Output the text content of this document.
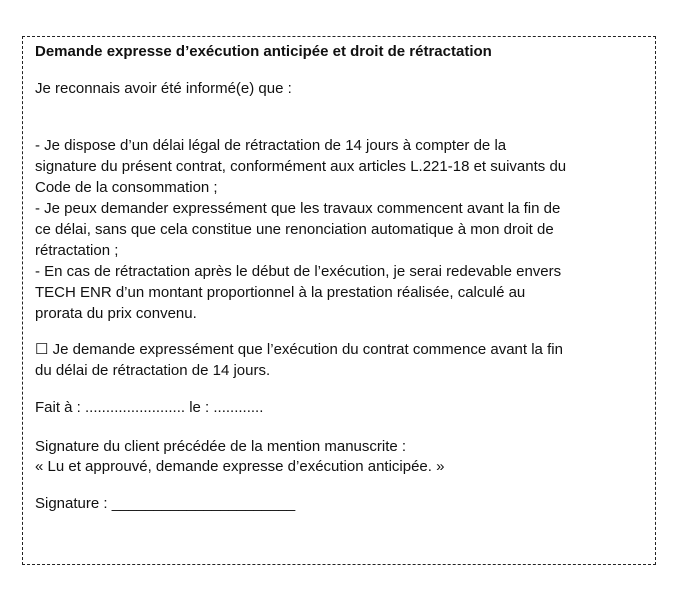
Demande expresse d’exécution anticipée et droit de rétractation
Je reconnais avoir été informé(e) que :
- Je dispose d’un délai légal de rétractation de 14 jours à compter de la
signature du présent contrat, conformément aux articles L.221-18 et suivants du
Code de la consommation ;
- Je peux demander expressément que les travaux commencent avant la fin de
ce délai, sans que cela constitue une renonciation automatique à mon droit de
rétractation ;
- En cas de rétractation après le début de l’exécution, je serai redevable envers
TECH ENR d’un montant proportionnel à la prestation réalisée, calculé au
prorata du prix convenu.
☐ Je demande expressément que l’exécution du contrat commence avant la fin
du délai de rétractation de 14 jours.
Fait à : ........................ le : ............
Signature du client précédée de la mention manuscrite :
« Lu et approuvé, demande expresse d’exécution anticipée. »
Signature : ______________________
